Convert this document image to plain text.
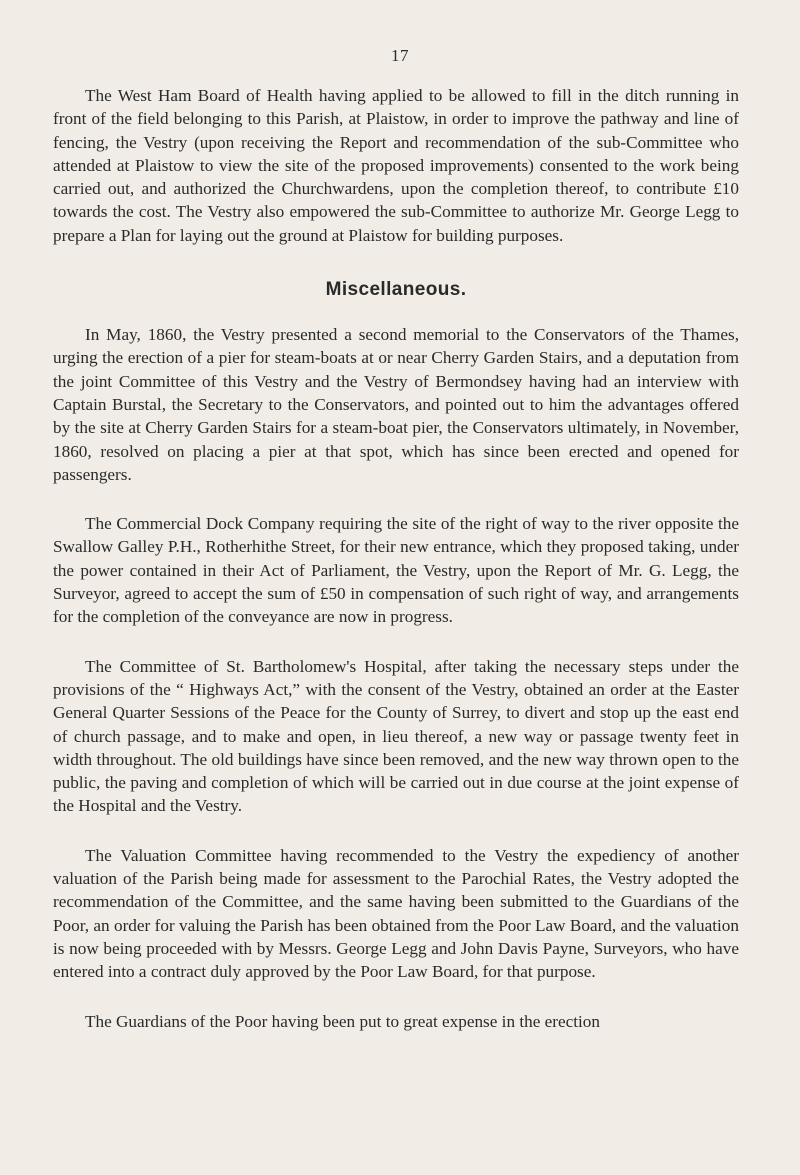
17

The West Ham Board of Health having applied to be allowed to fill in the ditch running in front of the field belonging to this Parish, at Plaistow, in order to improve the pathway and line of fencing, the Vestry (upon receiving the Report and recommendation of the sub-Committee who attended at Plaistow to view the site of the proposed improvements) consented to the work being carried out, and authorized the Churchwardens, upon the completion thereof, to contribute £10 towards the cost. The Vestry also empowered the sub-Committee to authorize Mr. George Legg to prepare a Plan for laying out the ground at Plaistow for building purposes.

Miscellaneous.

In May, 1860, the Vestry presented a second memorial to the Conservators of the Thames, urging the erection of a pier for steam-boats at or near Cherry Garden Stairs, and a deputation from the joint Committee of this Vestry and the Vestry of Bermondsey having had an interview with Captain Burstal, the Secretary to the Conservators, and pointed out to him the advantages offered by the site at Cherry Garden Stairs for a steam-boat pier, the Conservators ultimately, in November, 1860, resolved on placing a pier at that spot, which has since been erected and opened for passengers.

The Commercial Dock Company requiring the site of the right of way to the river opposite the Swallow Galley P.H., Rotherhithe Street, for their new entrance, which they proposed taking, under the power contained in their Act of Parliament, the Vestry, upon the Report of Mr. G. Legg, the Surveyor, agreed to accept the sum of £50 in compensation of such right of way, and arrangements for the completion of the conveyance are now in progress.

The Committee of St. Bartholomew's Hospital, after taking the necessary steps under the provisions of the “ Highways Act,” with the consent of the Vestry, obtained an order at the Easter General Quarter Sessions of the Peace for the County of Surrey, to divert and stop up the east end of church passage, and to make and open, in lieu thereof, a new way or passage twenty feet in width throughout. The old buildings have since been removed, and the new way thrown open to the public, the paving and completion of which will be carried out in due course at the joint expense of the Hospital and the Vestry.

The Valuation Committee having recommended to the Vestry the expediency of another valuation of the Parish being made for assessment to the Parochial Rates, the Vestry adopted the recommendation of the Committee, and the same having been submitted to the Guardians of the Poor, an order for valuing the Parish has been obtained from the Poor Law Board, and the valuation is now being proceeded with by Messrs. George Legg and John Davis Payne, Surveyors, who have entered into a contract duly approved by the Poor Law Board, for that purpose.

The Guardians of the Poor having been put to great expense in the erection
